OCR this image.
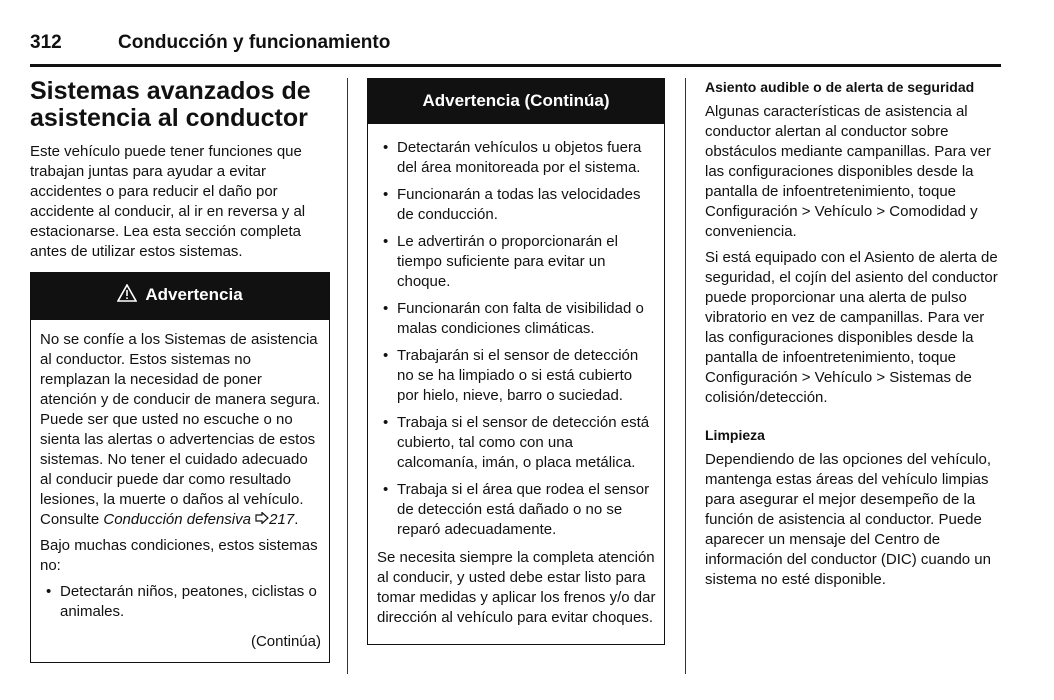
312	Conducción y funcionamiento
Sistemas avanzados de
asistencia al conductor

Este vehículo puede tener funciones que trabajan juntas para ayudar a evitar accidentes o para reducir el daño por accidente al conducir, al ir en reversa y al estacionarse. Lea esta sección completa antes de utilizar estos sistemas.

Advertencia

No se confíe a los Sistemas de asistencia al conductor. Estos sistemas no remplazan la necesidad de poner atención y de conducir de manera segura. Puede ser que usted no escuche o no sienta las alertas o advertencias de estos sistemas. No tener el cuidado adecuado al conducir puede dar como resultado lesiones, la muerte o daños al vehículo. Consulte Conducción defensiva 217.

Bajo muchas condiciones, estos sistemas no:

• Detectarán niños, peatones, ciclistas o animales.
(Continúa)
Advertencia (Continúa)
• Detectarán vehículos u objetos fuera del área monitoreada por el sistema.
• Funcionarán a todas las velocidades de conducción.
• Le advertirán o proporcionarán el tiempo suficiente para evitar un choque.
• Funcionarán con falta de visibilidad o malas condiciones climáticas.
• Trabajarán si el sensor de detección no se ha limpiado o si está cubierto por hielo, nieve, barro o suciedad.
• Trabaja si el sensor de detección está cubierto, tal como con una calcomanía, imán, o placa metálica.
• Trabaja si el área que rodea el sensor de detección está dañado o no se reparó adecuadamente.

Se necesita siempre la completa atención al conducir, y usted debe estar listo para tomar medidas y aplicar los frenos y/o dar dirección al vehículo para evitar choques.

Asiento audible o de alerta de seguridad

Algunas características de asistencia al conductor alertan al conductor sobre obstáculos mediante campanillas. Para ver las configuraciones disponibles desde la pantalla de infoentretenimiento, toque Configuración > Vehículo > Comodidad y conveniencia.

Si está equipado con el Asiento de alerta de seguridad, el cojín del asiento del conductor puede proporcionar una alerta de pulso vibratorio en vez de campanillas. Para ver las configuraciones disponibles desde la pantalla de infoentretenimiento, toque Configuración > Vehículo > Sistemas de colisión/detección.

Limpieza

Dependiendo de las opciones del vehículo, mantenga estas áreas del vehículo limpias para asegurar el mejor desempeño de la función de asistencia al conductor. Puede aparecer un mensaje del Centro de información del conductor (DIC) cuando un sistema no esté disponible.
